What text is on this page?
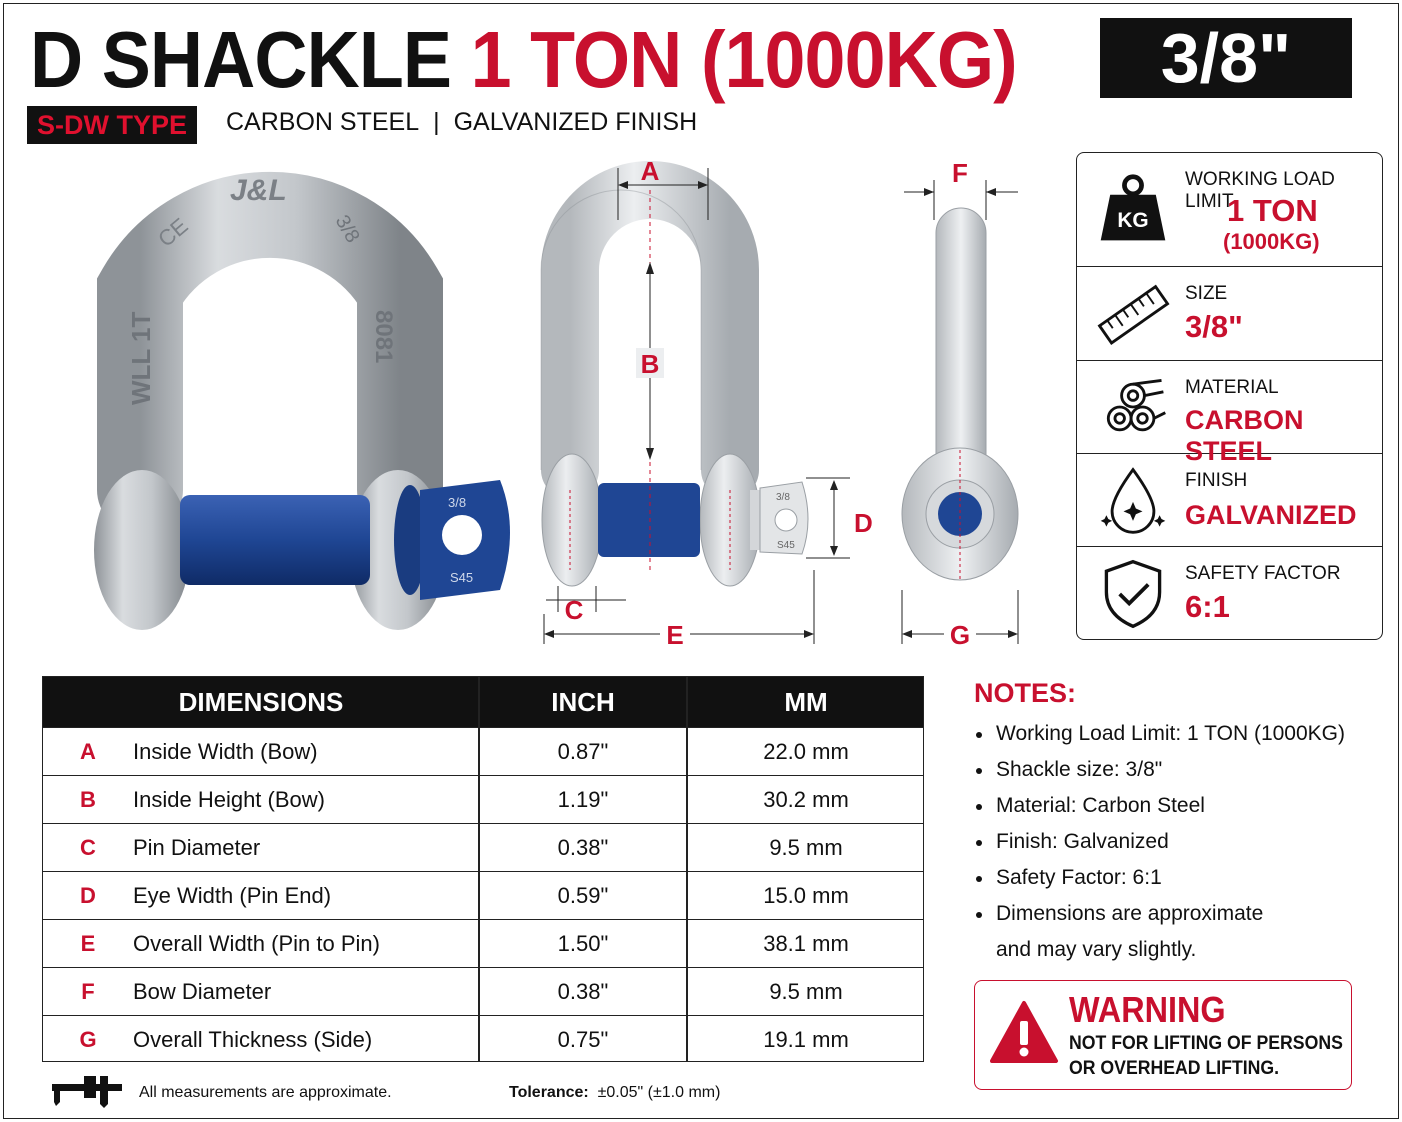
D SHACKLE 1 TON (1000KG)	3/8"
S-DW TYPE	CARBON STEEL | GALVANIZED FINISH
3/8
S45
J&L
CE
WLL 1T
3/8
8081
3/8
S45
A
B
C
D
E
F
G
KG
WORKING LOAD LIMIT
1 TON
(1000KG)
SIZE
3/8"
MATERIAL
CARBON STEEL
FINISH
GALVANIZED
SAFETY FACTOR
6:1
DIMENSIONS	INCH	MM
A	Inside Width (Bow)	0.87"	22.0 mm
B	Inside Height (Bow)	1.19"	30.2 mm
C	Pin Diameter	0.38"	9.5 mm
D	Eye Width (Pin End)	0.59"	15.0 mm
E	Overall Width (Pin to Pin)	1.50"	38.1 mm
F	Bow Diameter	0.38"	9.5 mm
G	Overall Thickness (Side)	0.75"	19.1 mm
All measurements are approximate.	Tolerance: ±0.05" (±1.0 mm)
NOTES:
Working Load Limit: 1 TON (1000KG)
Shackle size: 3/8"
Material: Carbon Steel
Finish: Galvanized
Safety Factor: 6:1
Dimensions are approximate
and may vary slightly.
WARNING
NOT FOR LIFTING OF PERSONS
OR OVERHEAD LIFTING.
